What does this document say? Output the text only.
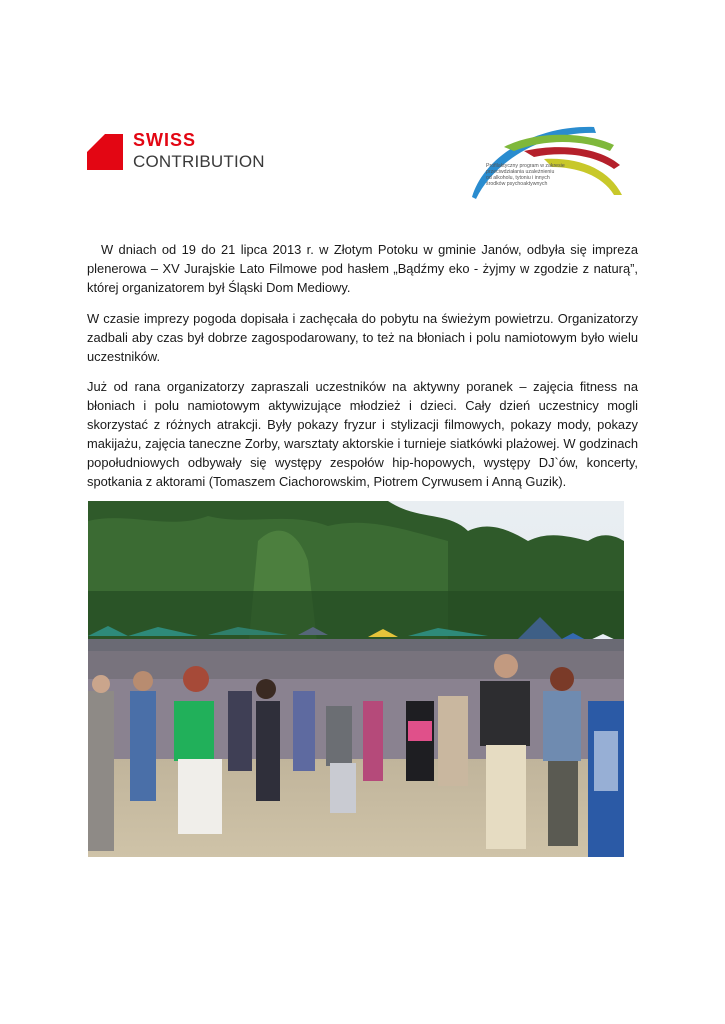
SWISS
CONTRIBUTION	Profilaktyczny program w zakresie
przeciwdziałania uzależnieniu
od alkoholu, tytoniu i innych
środków psychoaktywnych

W dniach od 19 do 21 lipca 2013 r. w Złotym Potoku w gminie Janów, odbyła się impreza plenerowa – XV Jurajskie Lato Filmowe pod hasłem „Bądźmy eko - żyjmy w zgodzie z naturą”, której organizatorem był Śląski Dom Mediowy.

W czasie imprezy pogoda dopisała i zachęcała do pobytu na świeżym powietrzu. Organizatorzy zadbali aby czas był dobrze zagospodarowany, to też na błoniach i polu namiotowym było wielu uczestników.

Już od rana organizatorzy zapraszali uczestników na aktywny poranek – zajęcia fitness na błoniach i polu namiotowym aktywizujące młodzież i dzieci. Cały dzień uczestnicy mogli skorzystać z różnych atrakcji. Były pokazy fryzur i stylizacji filmowych, pokazy mody, pokazy makijażu, zajęcia taneczne Zorby, warsztaty aktorskie i turnieje siatkówki plażowej. W godzinach popołudniowych odbywały się występy zespołów hip-hopowych, występy DJ`ów, koncerty, spotkania z aktorami (Tomaszem Ciachorowskim, Piotrem Cyrwusem i Anną Guzik).
